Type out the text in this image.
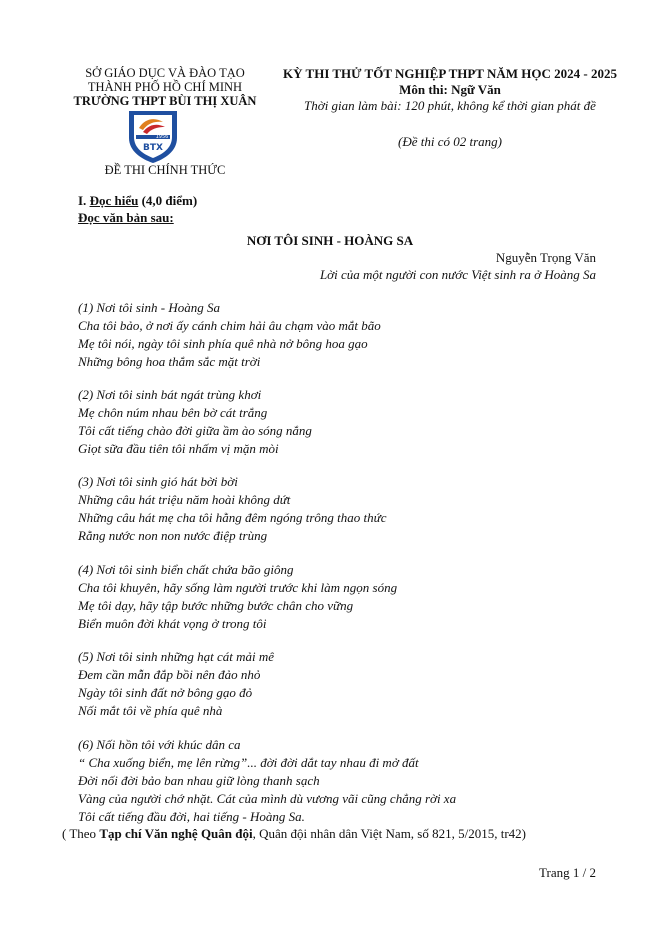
SỞ GIÁO DỤC VÀ ĐÀO TẠO
THÀNH PHỐ HỒ CHÍ MINH
TRƯỜNG THPT BÙI THỊ XUÂN
1956
BTX
ĐỀ THI CHÍNH THỨC
KỲ THI THỬ TỐT NGHIỆP THPT NĂM HỌC 2024 - 2025
Môn thi: Ngữ Văn
Thời gian làm bài: 120 phút, không kể thời gian phát đề
(Đề thi có 02 trang)
I. Đọc hiểu (4,0 điểm)
Đọc văn bản sau:
NƠI TÔI SINH - HOÀNG SA
Nguyễn Trọng Văn
Lời của một người con nước Việt sinh ra ở Hoàng Sa
(1) Nơi tôi sinh - Hoàng Sa
Cha tôi bảo, ở nơi ấy cánh chim hải âu chạm vào mắt bão
Mẹ tôi nói, ngày tôi sinh phía quê nhà nở bông hoa gạo
Những bông hoa thắm sắc mặt trời
(2) Nơi tôi sinh bát ngát trùng khơi
Mẹ chôn núm nhau bên bờ cát trắng
Tôi cất tiếng chào đời giữa ầm ào sóng nắng
Giọt sữa đầu tiên tôi nhấm vị mặn mòi
(3) Nơi tôi sinh gió hát bời bời
Những câu hát triệu năm hoài không dứt
Những câu hát mẹ cha tôi hằng đêm ngóng trông thao thức
Rằng nước non non nước điệp trùng
(4) Nơi tôi sinh biển chất chứa bão giông
Cha tôi khuyên, hãy sống làm người trước khi làm ngọn sóng
Mẹ tôi dạy, hãy tập bước những bước chân cho vững
Biển muôn đời khát vọng ở trong tôi
(5) Nơi tôi sinh những hạt cát mải mê
Đem cần mẫn đắp bồi nên đảo nhỏ
Ngày tôi sinh đất nở bông gạo đỏ
Nối mắt tôi về phía quê nhà
(6) Nối hồn tôi với khúc dân ca
“ Cha xuống biển, mẹ lên rừng”... đời đời dắt tay nhau đi mở đất
Đời nối đời bảo ban nhau giữ lòng thanh sạch
Vàng của người chớ nhặt. Cát của mình dù vương vãi cũng chẳng rời xa
Tôi cất tiếng đầu đời, hai tiếng - Hoàng Sa.
( Theo Tạp chí Văn nghệ Quân đội, Quân đội nhân dân Việt Nam, số 821, 5/2015, tr42)
Trang 1 / 2
